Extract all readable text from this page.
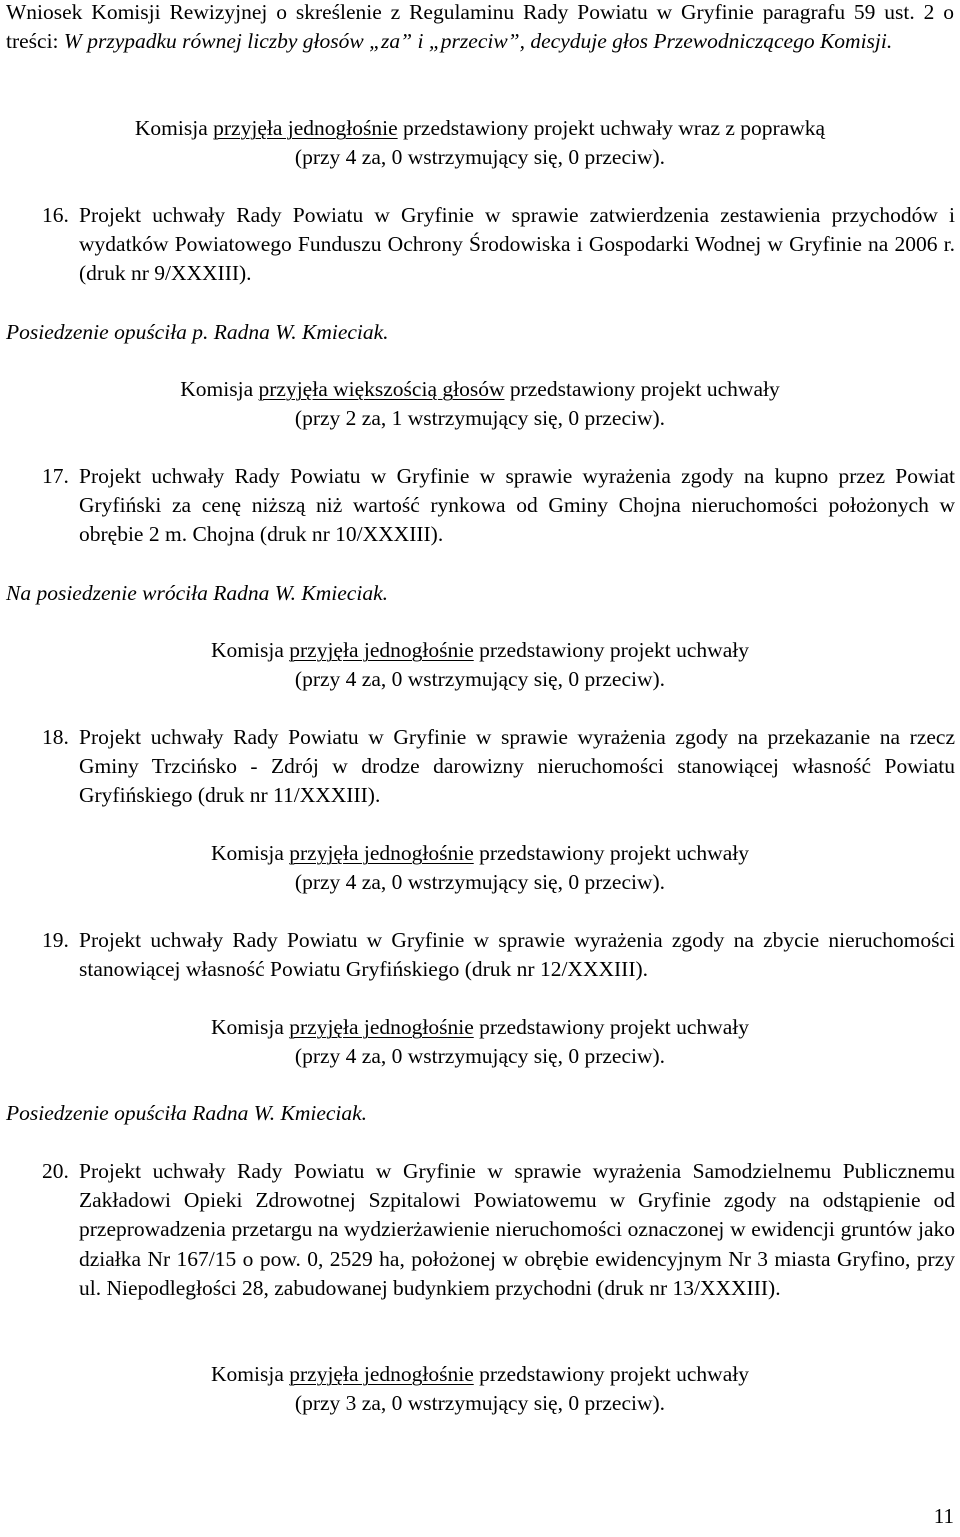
Wniosek Komisji Rewizyjnej o skreślenie z Regulaminu Rady Powiatu w Gryfinie paragrafu 59 ust. 2 o treści: W przypadku równej liczby głosów „za” i „przeciw”, decyduje głos Przewodniczącego Komisji.

Komisja przyjęła jednogłośnie przedstawiony projekt uchwały wraz z poprawką
(przy 4 za, 0 wstrzymujący się, 0 przeciw).

16. Projekt uchwały Rady Powiatu w Gryfinie w sprawie zatwierdzenia zestawienia przychodów i wydatków Powiatowego Funduszu Ochrony Środowiska i Gospodarki Wodnej w Gryfinie na 2006 r. (druk nr 9/XXXIII).

Posiedzenie opuściła p. Radna W. Kmieciak.

Komisja przyjęła większością głosów przedstawiony projekt uchwały
(przy 2 za, 1 wstrzymujący się, 0 przeciw).

17. Projekt uchwały Rady Powiatu w Gryfinie w sprawie wyrażenia zgody na kupno przez Powiat Gryfiński za cenę niższą niż wartość rynkowa od Gminy Chojna nieruchomości położonych w obrębie 2 m. Chojna (druk nr 10/XXXIII).

Na posiedzenie wróciła Radna W. Kmieciak.

Komisja przyjęła jednogłośnie przedstawiony projekt uchwały
(przy 4 za, 0 wstrzymujący się, 0 przeciw).

18. Projekt uchwały Rady Powiatu w Gryfinie w sprawie wyrażenia zgody na przekazanie na rzecz Gminy Trzcińsko - Zdrój w drodze darowizny nieruchomości stanowiącej własność Powiatu Gryfińskiego (druk nr 11/XXXIII).

Komisja przyjęła jednogłośnie przedstawiony projekt uchwały
(przy 4 za, 0 wstrzymujący się, 0 przeciw).

19. Projekt uchwały Rady Powiatu w Gryfinie w sprawie wyrażenia zgody na zbycie nieruchomości stanowiącej własność Powiatu Gryfińskiego (druk nr 12/XXXIII).

Komisja przyjęła jednogłośnie przedstawiony projekt uchwały
(przy 4 za, 0 wstrzymujący się, 0 przeciw).

Posiedzenie opuściła Radna W. Kmieciak.

20. Projekt uchwały Rady Powiatu w Gryfinie w sprawie wyrażenia Samodzielnemu Publicznemu Zakładowi Opieki Zdrowotnej Szpitalowi Powiatowemu w Gryfinie zgody na odstąpienie od przeprowadzenia przetargu na wydzierżawienie nieruchomości oznaczonej w ewidencji gruntów jako działka Nr 167/15 o pow. 0, 2529 ha, położonej w obrębie ewidencyjnym Nr 3 miasta Gryfino, przy ul. Niepodległości 28, zabudowanej budynkiem przychodni (druk nr 13/XXXIII).

Komisja przyjęła jednogłośnie przedstawiony projekt uchwały
(przy 3 za, 0 wstrzymujący się, 0 przeciw).

11
